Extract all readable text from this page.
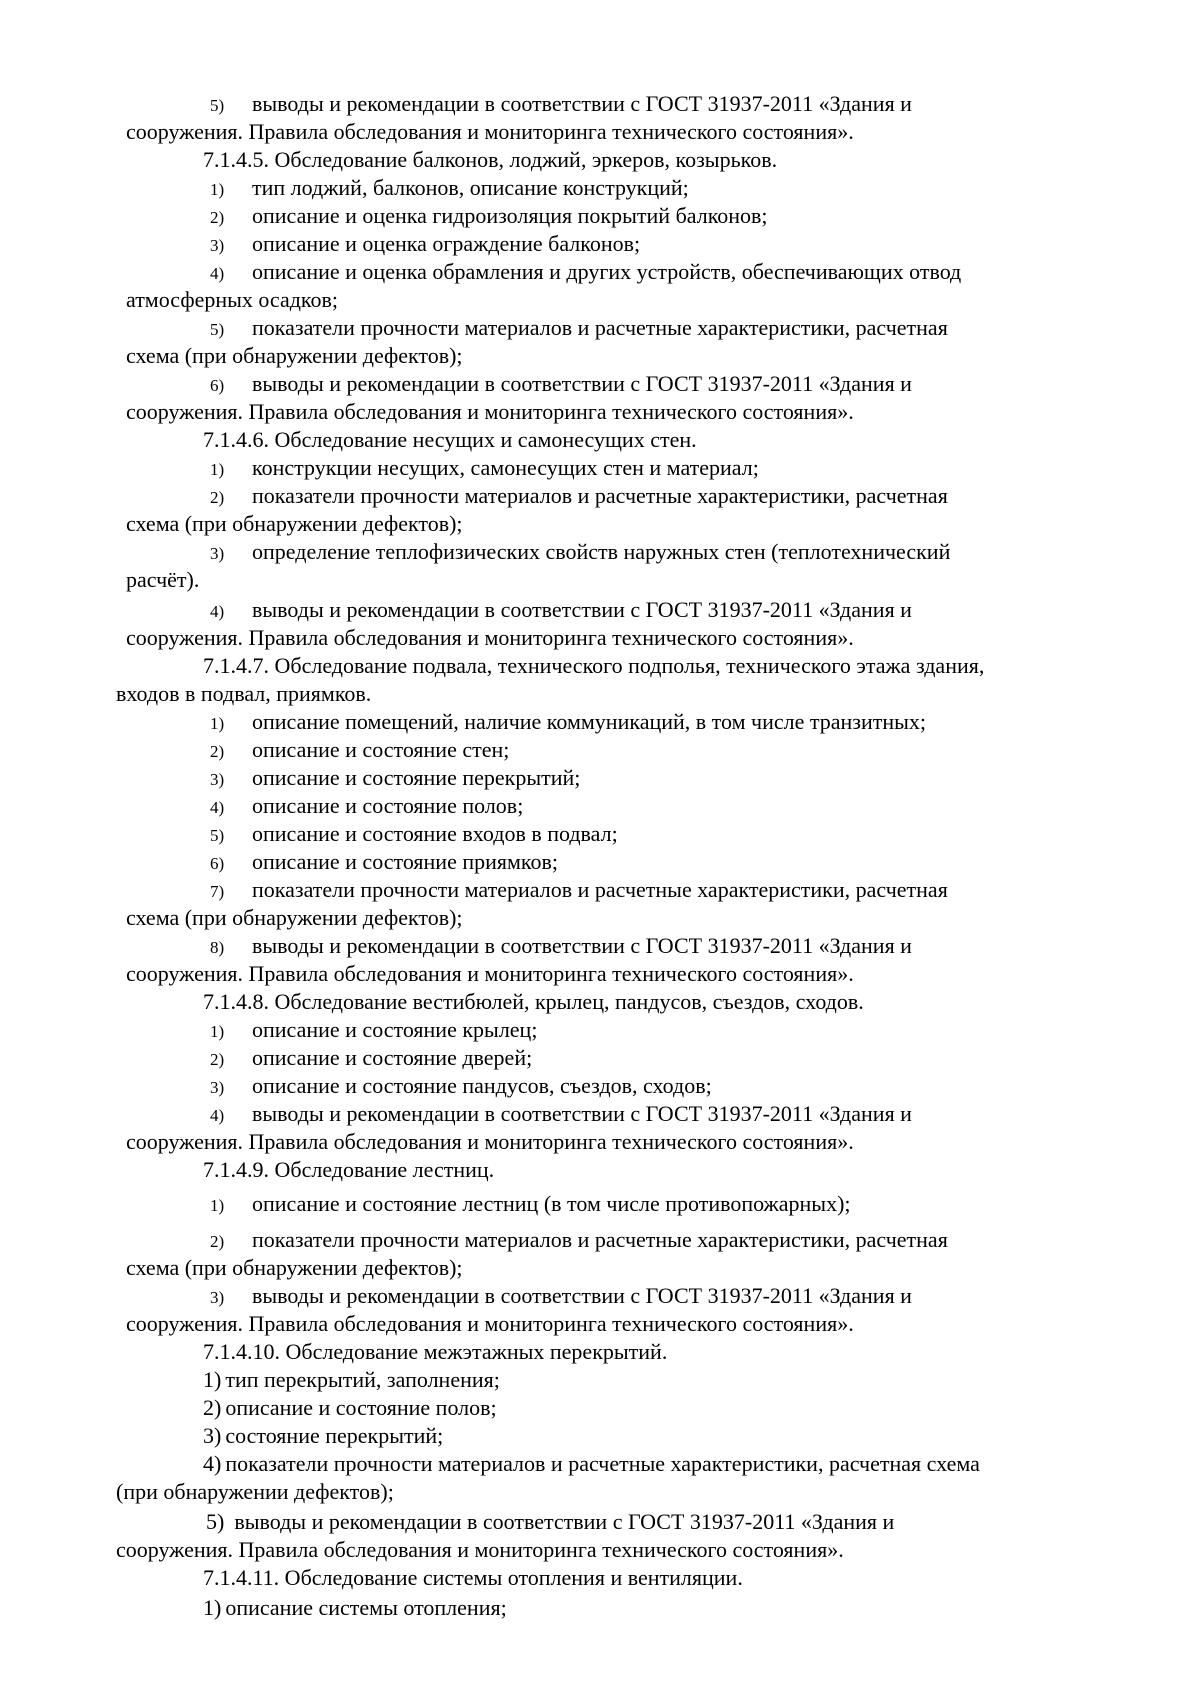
5) выводы и рекомендации в соответствии с ГОСТ 31937-2011 «Здания и
сооружения. Правила обследования и мониторинга технического состояния».
7.1.4.5. Обследование балконов, лоджий, эркеров, козырьков.
1) тип лоджий, балконов, описание конструкций;
2) описание и оценка гидроизоляция покрытий балконов;
3) описание и оценка ограждение балконов;
4) описание и оценка обрамления и других устройств, обеспечивающих отвод
атмосферных осадков;
5) показатели прочности материалов и расчетные характеристики, расчетная
схема (при обнаружении дефектов);
6) выводы и рекомендации в соответствии с ГОСТ 31937-2011 «Здания и
сооружения. Правила обследования и мониторинга технического состояния».
7.1.4.6. Обследование несущих и самонесущих стен.
1) конструкции несущих, самонесущих стен и материал;
2) показатели прочности материалов и расчетные характеристики, расчетная
схема (при обнаружении дефектов);
3) определение теплофизических свойств наружных стен (теплотехнический
расчёт).
4) выводы и рекомендации в соответствии с ГОСТ 31937-2011 «Здания и
сооружения. Правила обследования и мониторинга технического состояния».
7.1.4.7. Обследование подвала, технического подполья, технического этажа здания,
входов в подвал, приямков.
1) описание помещений, наличие коммуникаций, в том числе транзитных;
2) описание и состояние стен;
3) описание и состояние перекрытий;
4) описание и состояние полов;
5) описание и состояние входов в подвал;
6) описание и состояние приямков;
7) показатели прочности материалов и расчетные характеристики, расчетная
схема (при обнаружении дефектов);
8) выводы и рекомендации в соответствии с ГОСТ 31937-2011 «Здания и
сооружения. Правила обследования и мониторинга технического состояния».
7.1.4.8. Обследование вестибюлей, крылец, пандусов, съездов, сходов.
1) описание и состояние крылец;
2) описание и состояние дверей;
3) описание и состояние пандусов, съездов, сходов;
4) выводы и рекомендации в соответствии с ГОСТ 31937-2011 «Здания и
сооружения. Правила обследования и мониторинга технического состояния».
7.1.4.9. Обследование лестниц.
1) описание и состояние лестниц (в том числе противопожарных);
2) показатели прочности материалов и расчетные характеристики, расчетная
схема (при обнаружении дефектов);
3) выводы и рекомендации в соответствии с ГОСТ 31937-2011 «Здания и
сооружения. Правила обследования и мониторинга технического состояния».
7.1.4.10. Обследование межэтажных перекрытий.
1) тип перекрытий, заполнения;
2) описание и состояние полов;
3) состояние перекрытий;
4) показатели прочности материалов и расчетные характеристики, расчетная схема
(при обнаружении дефектов);
5) выводы и рекомендации в соответствии с ГОСТ 31937-2011 «Здания и
сооружения. Правила обследования и мониторинга технического состояния».
7.1.4.11. Обследование системы отопления и вентиляции.
1) описание системы отопления;
